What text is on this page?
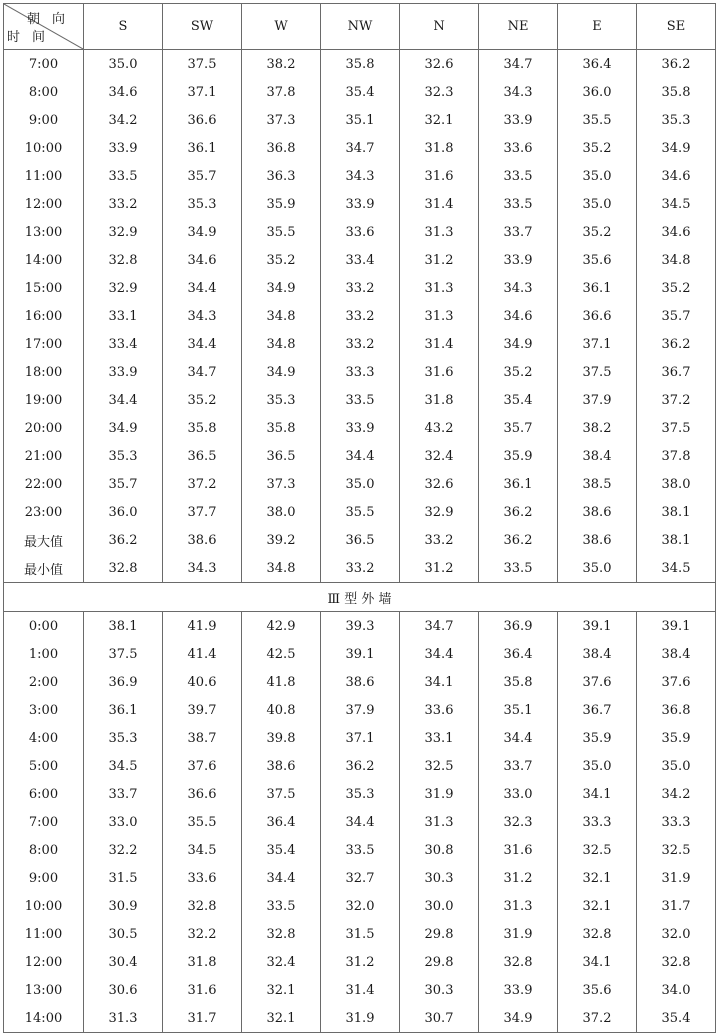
朝向
时间	S	SW	W	NW	N	NE	E	SE
7:00	35.0	37.5	38.2	35.8	32.6	34.7	36.4	36.2
8:00	34.6	37.1	37.8	35.4	32.3	34.3	36.0	35.8
9:00	34.2	36.6	37.3	35.1	32.1	33.9	35.5	35.3
10:00	33.9	36.1	36.8	34.7	31.8	33.6	35.2	34.9
11:00	33.5	35.7	36.3	34.3	31.6	33.5	35.0	34.6
12:00	33.2	35.3	35.9	33.9	31.4	33.5	35.0	34.5
13:00	32.9	34.9	35.5	33.6	31.3	33.7	35.2	34.6
14:00	32.8	34.6	35.2	33.4	31.2	33.9	35.6	34.8
15:00	32.9	34.4	34.9	33.2	31.3	34.3	36.1	35.2
16:00	33.1	34.3	34.8	33.2	31.3	34.6	36.6	35.7
17:00	33.4	34.4	34.8	33.2	31.4	34.9	37.1	36.2
18:00	33.9	34.7	34.9	33.3	31.6	35.2	37.5	36.7
19:00	34.4	35.2	35.3	33.5	31.8	35.4	37.9	37.2
20:00	34.9	35.8	35.8	33.9	43.2	35.7	38.2	37.5
21:00	35.3	36.5	36.5	34.4	32.4	35.9	38.4	37.8
22:00	35.7	37.2	37.3	35.0	32.6	36.1	38.5	38.0
23:00	36.0	37.7	38.0	35.5	32.9	36.2	38.6	38.1
最大值	36.2	38.6	39.2	36.5	33.2	36.2	38.6	38.1
最小值	32.8	34.3	34.8	33.2	31.2	33.5	35.0	34.5
Ⅲ 型 外 墙								
0:00	38.1	41.9	42.9	39.3	34.7	36.9	39.1	39.1
1:00	37.5	41.4	42.5	39.1	34.4	36.4	38.4	38.4
2:00	36.9	40.6	41.8	38.6	34.1	35.8	37.6	37.6
3:00	36.1	39.7	40.8	37.9	33.6	35.1	36.7	36.8
4:00	35.3	38.7	39.8	37.1	33.1	34.4	35.9	35.9
5:00	34.5	37.6	38.6	36.2	32.5	33.7	35.0	35.0
6:00	33.7	36.6	37.5	35.3	31.9	33.0	34.1	34.2
7:00	33.0	35.5	36.4	34.4	31.3	32.3	33.3	33.3
8:00	32.2	34.5	35.4	33.5	30.8	31.6	32.5	32.5
9:00	31.5	33.6	34.4	32.7	30.3	31.2	32.1	31.9
10:00	30.9	32.8	33.5	32.0	30.0	31.3	32.1	31.7
11:00	30.5	32.2	32.8	31.5	29.8	31.9	32.8	32.0
12:00	30.4	31.8	32.4	31.2	29.8	32.8	34.1	32.8
13:00	30.6	31.6	32.1	31.4	30.3	33.9	35.6	34.0
14:00	31.3	31.7	32.1	31.9	30.7	34.9	37.2	35.4
